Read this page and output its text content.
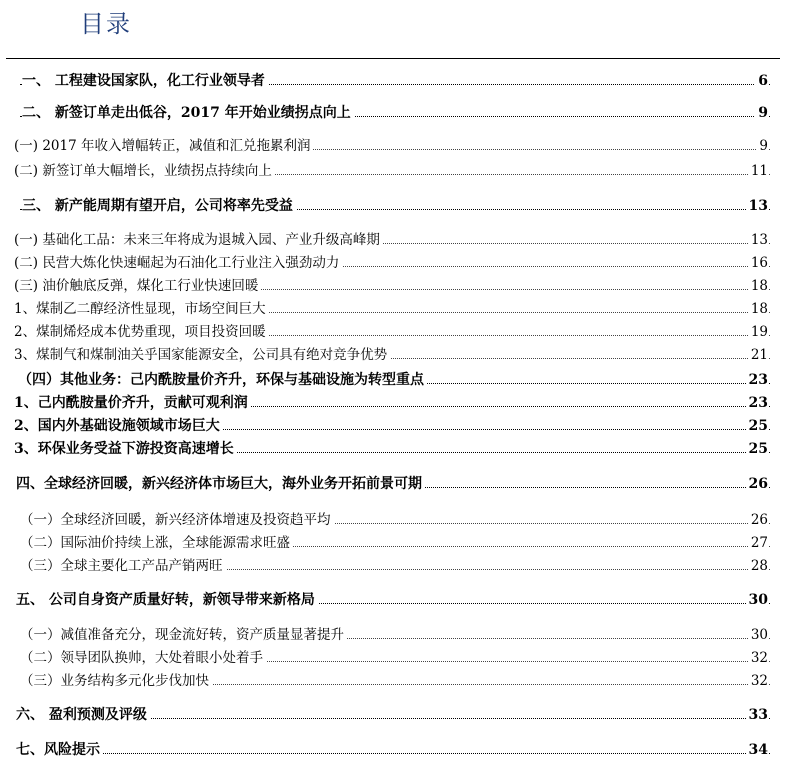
目录
一、 工程建设国家队，化工行业领导者	6
二、 新签订单走出低谷，2017 年开始业绩拐点向上	9
(一) 2017 年收入增幅转正，减值和汇兑拖累利润	9
(二) 新签订单大幅增长，业绩拐点持续向上	11
三、 新产能周期有望开启，公司将率先受益	13
(一) 基础化工品：未来三年将成为退城入园、产业升级高峰期	13
(二) 民营大炼化快速崛起为石油化工行业注入强劲动力	16
(三) 油价触底反弹，煤化工行业快速回暖	18
1、煤制乙二醇经济性显现，市场空间巨大	18
2、煤制烯烃成本优势重现，项目投资回暖	19
3、煤制气和煤制油关乎国家能源安全，公司具有绝对竞争优势	21
（四）其他业务：己内酰胺量价齐升，环保与基础设施为转型重点	23
1、己内酰胺量价齐升，贡献可观利润	23
2、国内外基础设施领域市场巨大	25
3、环保业务受益下游投资高速增长	25
四、全球经济回暖，新兴经济体市场巨大，海外业务开拓前景可期	26
（一）全球经济回暖，新兴经济体增速及投资趋平均	26
（二）国际油价持续上涨，全球能源需求旺盛	27
（三）全球主要化工产品产销两旺	28
五、 公司自身资产质量好转，新领导带来新格局	30
（一）减值准备充分，现金流好转，资产质量显著提升	30
（二）领导团队换帅，大处着眼小处着手	32
（三）业务结构多元化步伐加快	32
六、 盈利预测及评级	33
七、风险提示	34
